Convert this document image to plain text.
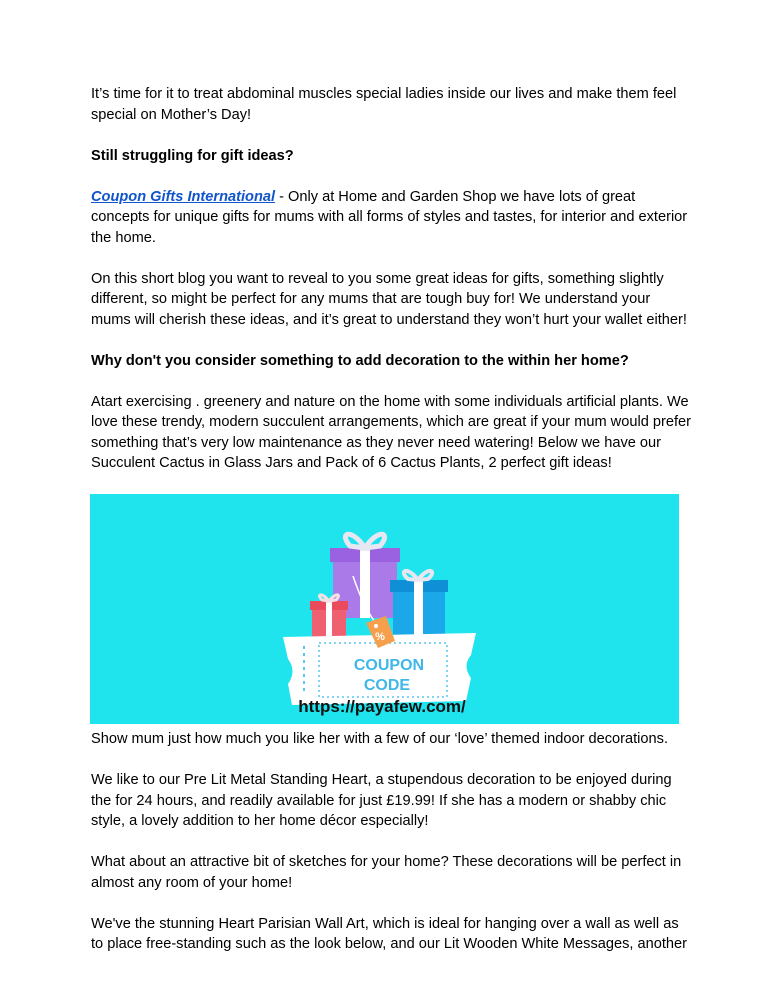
It’s time for it to treat abdominal muscles special ladies inside our lives and make them feel special on Mother’s Day!

Still struggling for gift ideas?

Coupon Gifts International - Only at Home and Garden Shop we have lots of great concepts for unique gifts for mums with all forms of styles and tastes, for interior and exterior the home.

On this short blog you want to reveal to you some great ideas for gifts, something slightly different, so might be perfect for any mums that are tough buy for! We understand your mums will cherish these ideas, and it’s great to understand they won’t hurt your wallet either!

Why don't you consider something to add decoration to the within her home?

Atart exercising . greenery and nature on the home with some individuals artificial plants. We love these trendy, modern succulent arrangements, which are great if your mum would prefer something that’s very low maintenance as they never need watering! Below we have our Succulent Cactus in Glass Jars and Pack of 6 Cactus Plants, 2 perfect gift ideas!

%
COUPON
CODE
https://payafew.com/

Show mum just how much you like her with a few of our ‘love’ themed indoor decorations.

We like to our Pre Lit Metal Standing Heart, a stupendous decoration to be enjoyed during the for 24 hours, and readily available for just £19.99! If she has a modern or shabby chic style, a lovely addition to her home décor especially!

What about an attractive bit of sketches for your home? These decorations will be perfect in almost any room of your home!

We've the stunning Heart Parisian Wall Art, which is ideal for hanging over a wall as well as to place free-standing such as the look below, and our Lit Wooden White Messages, another
